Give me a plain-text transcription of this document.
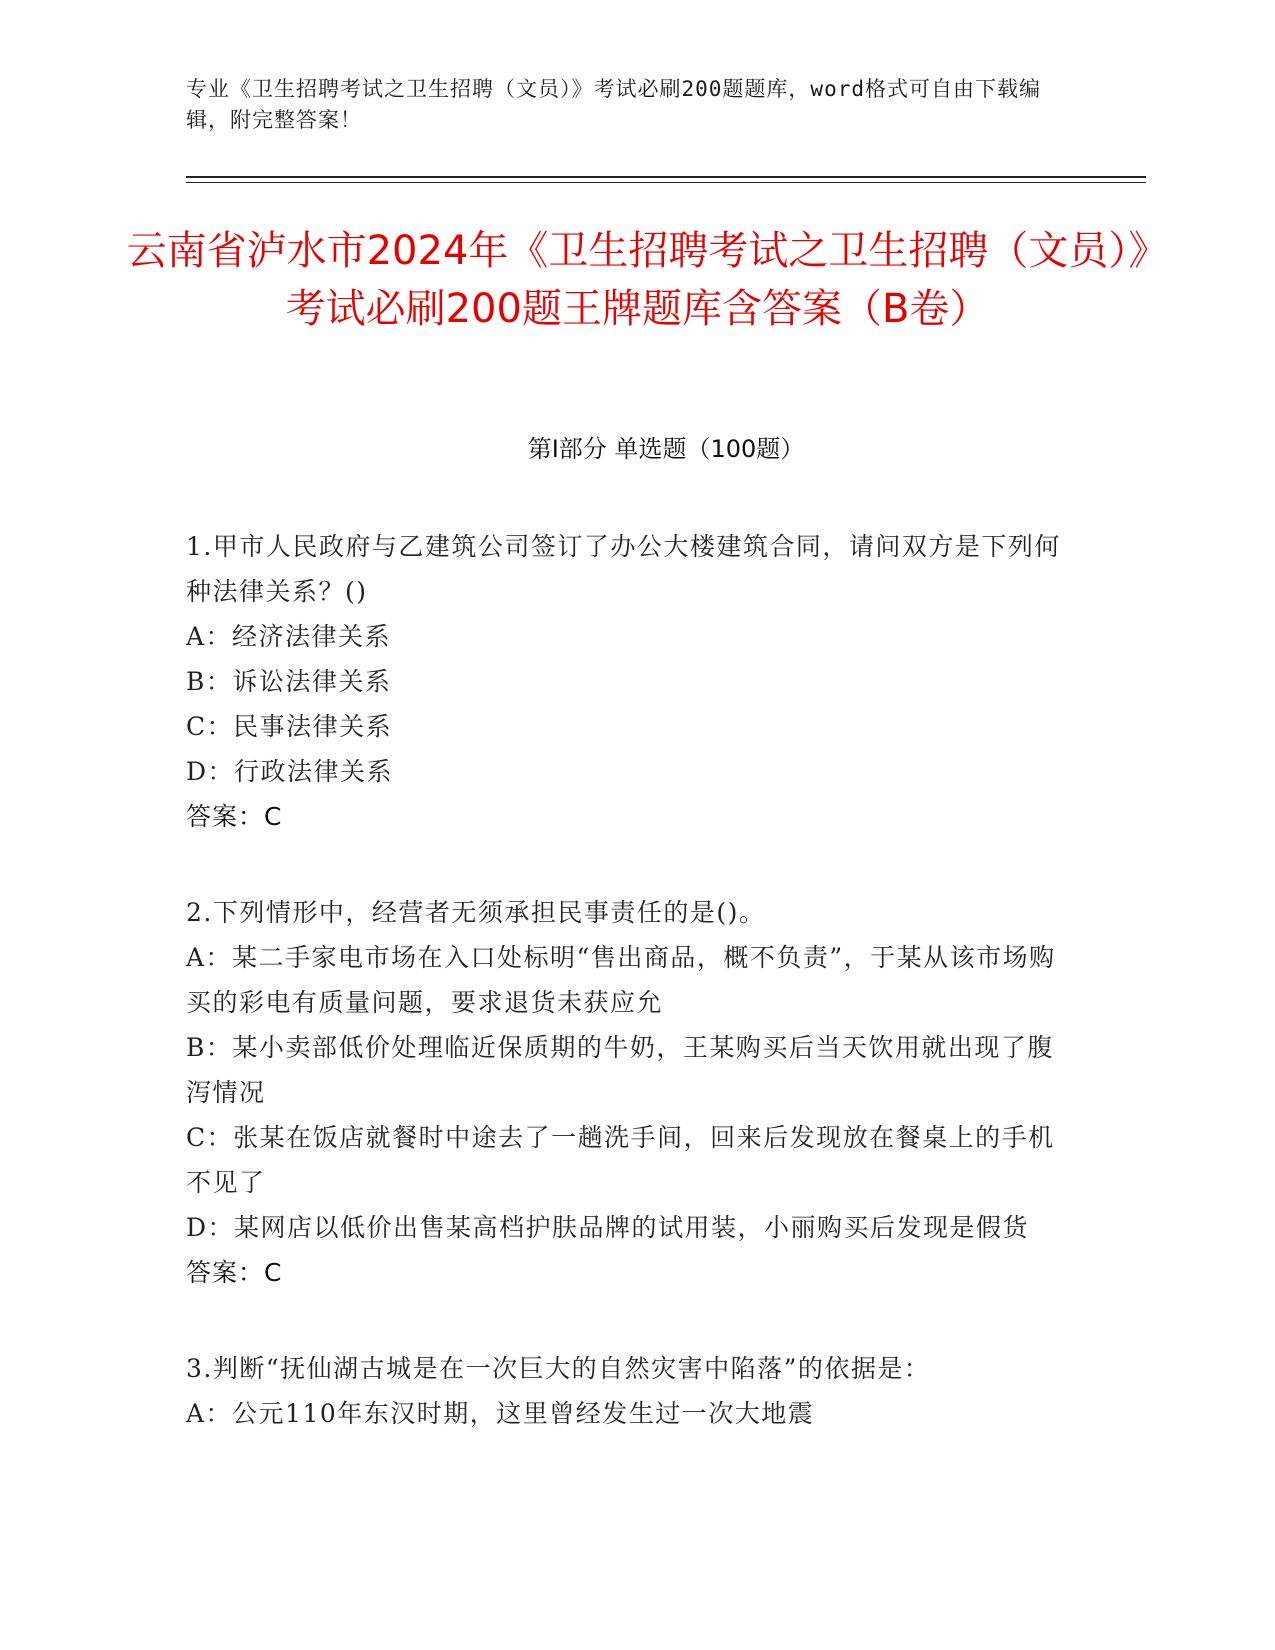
专业《卫生招聘考试之卫生招聘（文员）》考试必刷200题题库，word格式可自由下载编辑，附完整答案！
云南省泸水市2024年《卫生招聘考试之卫生招聘（文员）》考试必刷200题王牌题库含答案（B卷）
第Ⅰ部分 单选题（100题）
1.甲市人民政府与乙建筑公司签订了办公大楼建筑合同，请问双方是下列何种法律关系？()
A：经济法律关系
B：诉讼法律关系
C：民事法律关系
D：行政法律关系
答案：C
2.下列情形中，经营者无须承担民事责任的是()。
A：某二手家电市场在入口处标明“售出商品，概不负责”，于某从该市场购买的彩电有质量问题，要求退货未获应允
B：某小卖部低价处理临近保质期的牛奶，王某购买后当天饮用就出现了腹泻情况
C：张某在饭店就餐时中途去了一趟洗手间，回来后发现放在餐桌上的手机不见了
D：某网店以低价出售某高档护肤品牌的试用装，小丽购买后发现是假货
答案：C
3.判断“抚仙湖古城是在一次巨大的自然灾害中陷落”的依据是：
A：公元110年东汉时期，这里曾经发生过一次大地震
